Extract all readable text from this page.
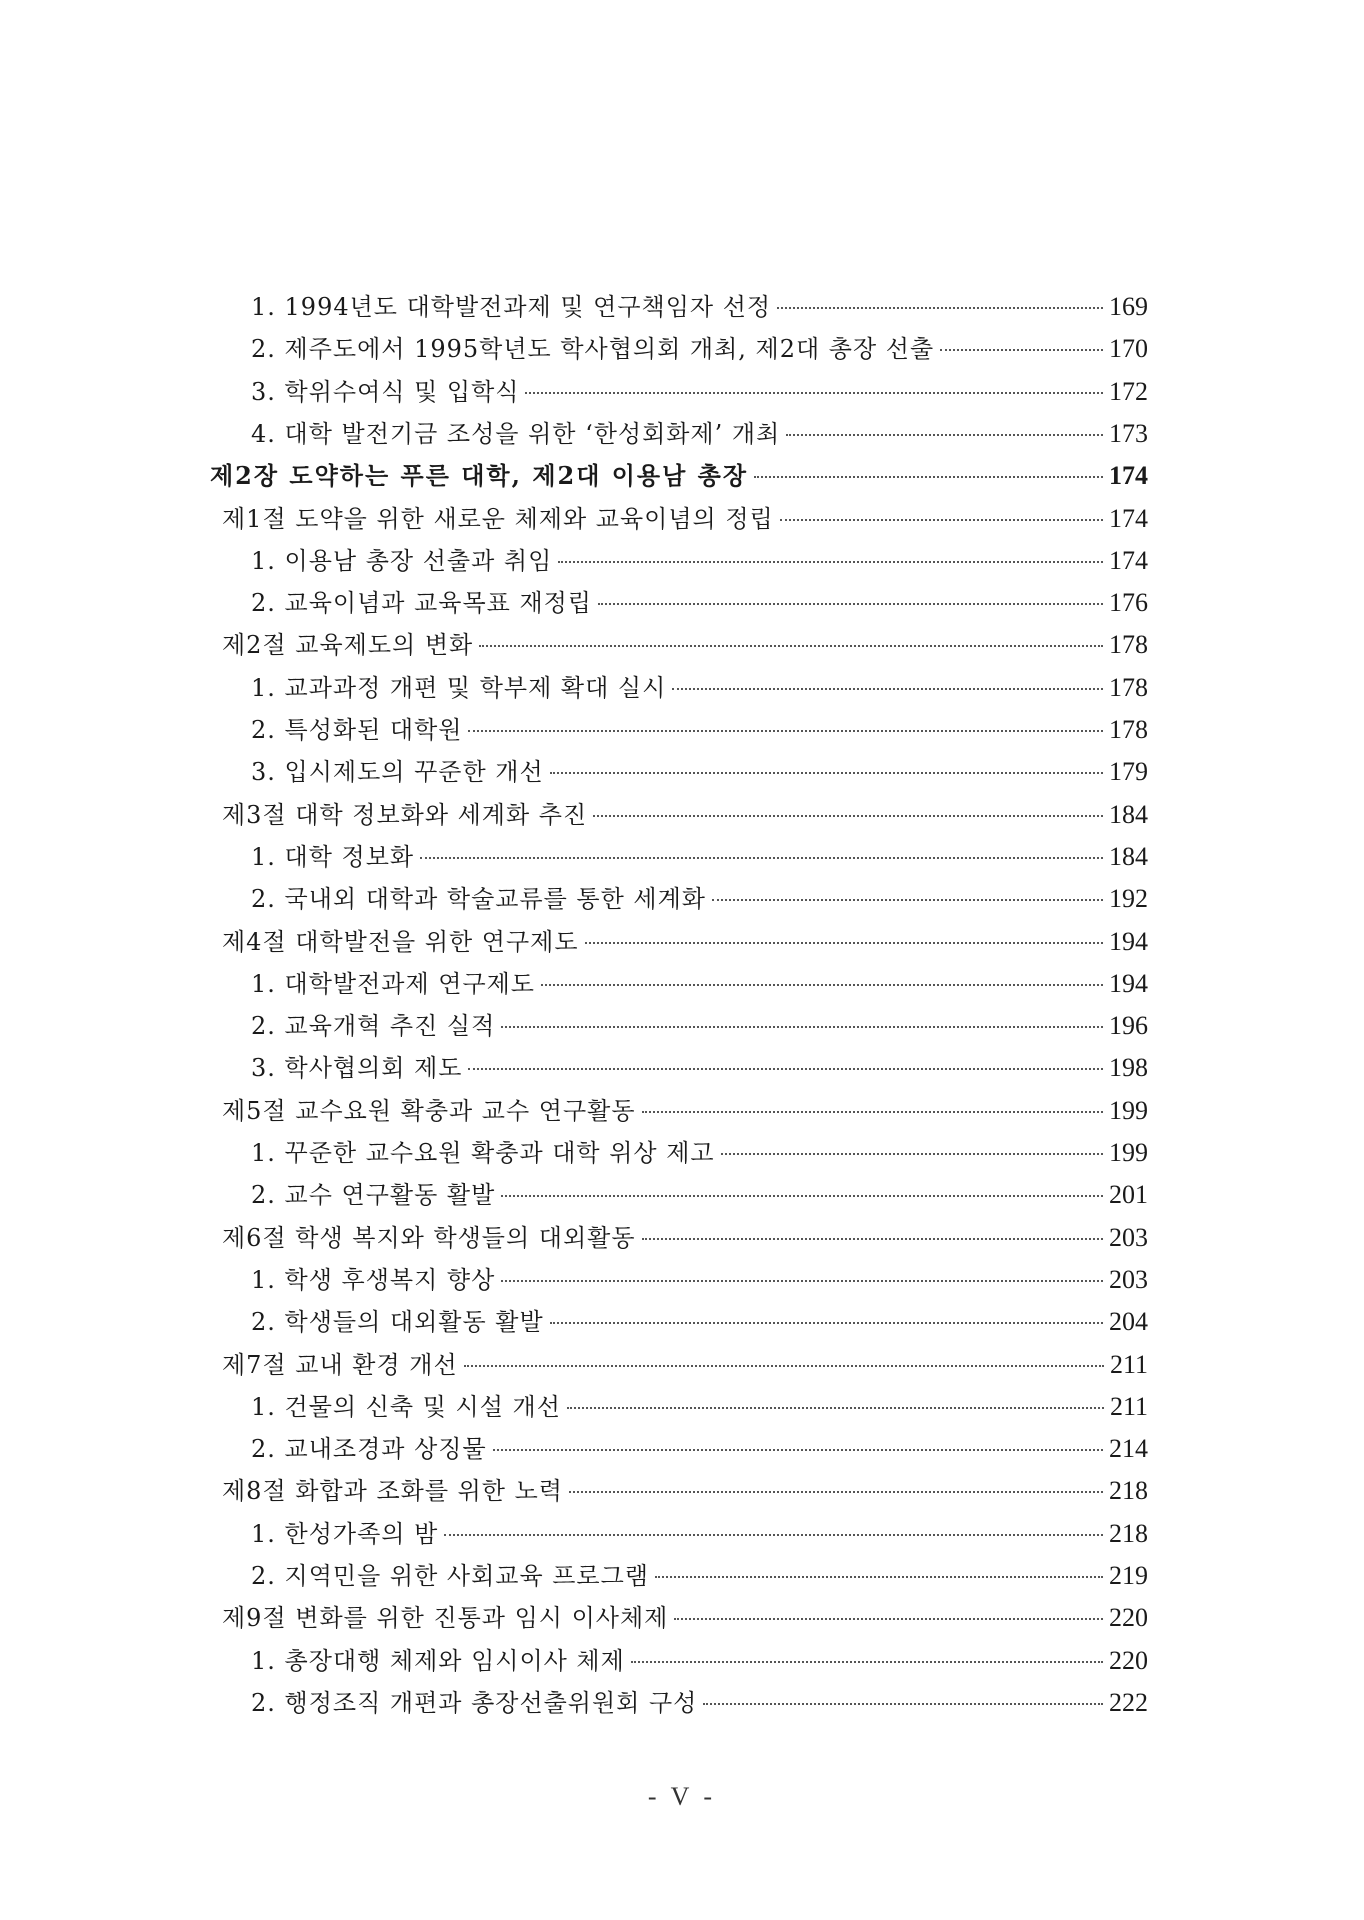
1. 1994년도 대학발전과제 및 연구책임자 선정	169
2. 제주도에서 1995학년도 학사협의회 개최, 제2대 총장 선출	170
3. 학위수여식 및 입학식	172
4. 대학 발전기금 조성을 위한 ‘한성회화제’ 개최	173
제2장 도약하는 푸른 대학, 제2대 이용남 총장	174
제1절 도약을 위한 새로운 체제와 교육이념의 정립	174
1. 이용남 총장 선출과 취임	174
2. 교육이념과 교육목표 재정립	176
제2절 교육제도의 변화	178
1. 교과과정 개편 및 학부제 확대 실시	178
2. 특성화된 대학원	178
3. 입시제도의 꾸준한 개선	179
제3절 대학 정보화와 세계화 추진	184
1. 대학 정보화	184
2. 국내외 대학과 학술교류를 통한 세계화	192
제4절 대학발전을 위한 연구제도	194
1. 대학발전과제 연구제도	194
2. 교육개혁 추진 실적	196
3. 학사협의회 제도	198
제5절 교수요원 확충과 교수 연구활동	199
1. 꾸준한 교수요원 확충과 대학 위상 제고	199
2. 교수 연구활동 활발	201
제6절 학생 복지와 학생들의 대외활동	203
1. 학생 후생복지 향상	203
2. 학생들의 대외활동 활발	204
제7절 교내 환경 개선	211
1. 건물의 신축 및 시설 개선	211
2. 교내조경과 상징물	214
제8절 화합과 조화를 위한 노력	218
1. 한성가족의 밤	218
2. 지역민을 위한 사회교육 프로그램	219
제9절 변화를 위한 진통과 임시 이사체제	220
1. 총장대행 체제와 임시이사 체제	220
2. 행정조직 개편과 총장선출위원회 구성	222
- V -
